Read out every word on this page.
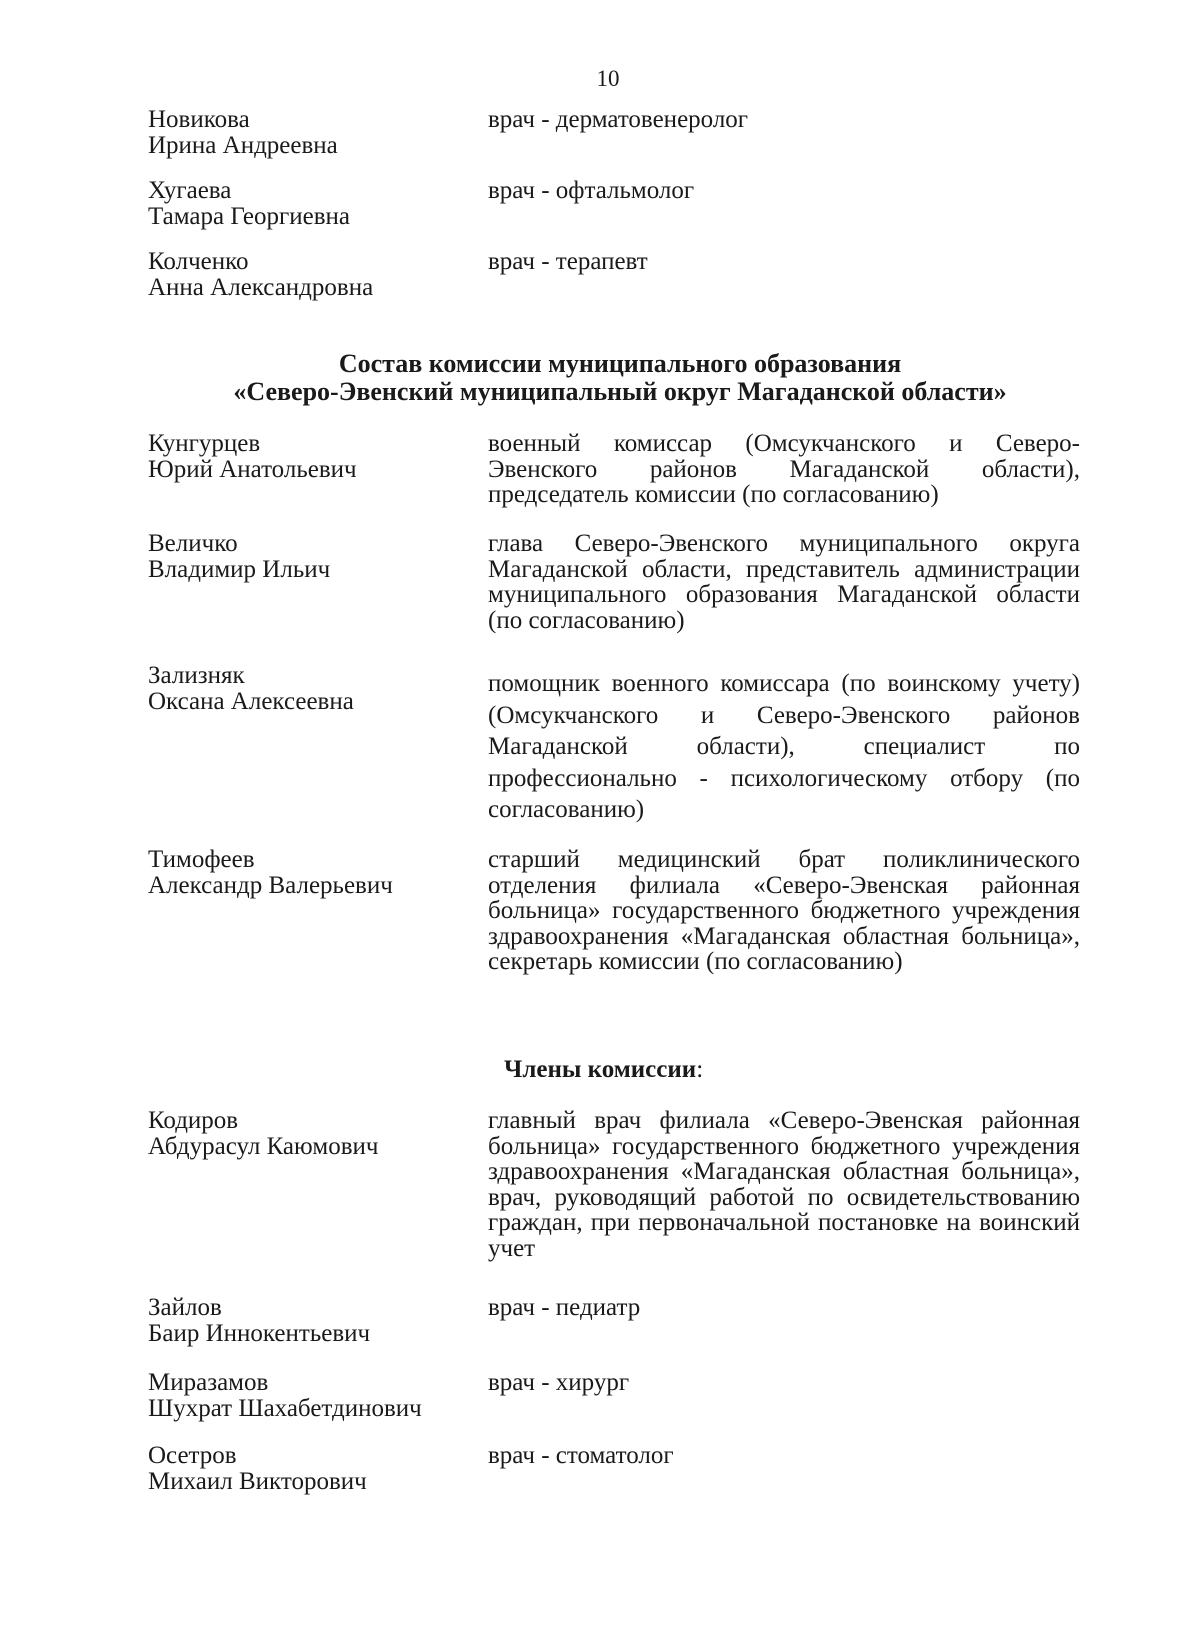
10
Новикова
Ирина Андреевна
врач - дерматовенеролог
Хугаева
Тамара Георгиевна
врач - офтальмолог
Колченко
Анна Александровна
врач - терапевт
Состав комиссии муниципального образования
«Северо-Эвенский муниципальный округ Магаданской области»
Кунгурцев
Юрий Анатольевич
военный комиссар (Омсукчанского и Северо-Эвенского районов Магаданской области), председатель комиссии (по согласованию)
Величко
Владимир Ильич
глава Северо-Эвенского муниципального округа Магаданской области, представитель администрации муниципального образования Магаданской области (по согласованию)
Зализняк
Оксана Алексеевна
помощник военного комиссара (по воинскому учету) (Омсукчанского и Северо-Эвенского районов Магаданской области), специалист по профессионально - психологическому отбору (по согласованию)
Тимофеев
Александр Валерьевич
старший медицинский брат поликлинического отделения филиала «Северо-Эвенская районная больница» государственного бюджетного учреждения здравоохранения «Магаданская областная больница», секретарь комиссии (по согласованию)
Члены комиссии:
Кодиров
Абдурасул Каюмович
главный врач филиала «Северо-Эвенская районная больница» государственного бюджетного учреждения здравоохранения «Магаданская областная больница», врач, руководящий работой по освидетельствованию граждан, при первоначальной постановке на воинский учет
Зайлов
Баир Иннокентьевич
врач - педиатр
Миразамов
Шухрат Шахабетдинович
врач - хирург
Осетров
Михаил Викторович
врач - стоматолог
